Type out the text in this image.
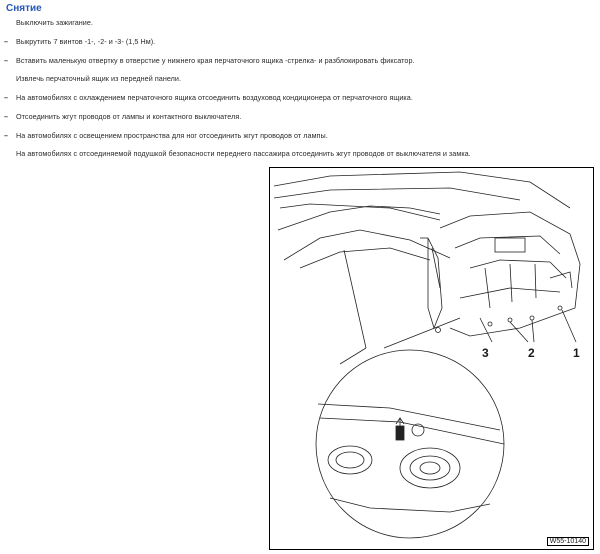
Снятие
Выключить зажигание.
– Выкрутить 7 винтов -1-, -2- и -3- (1,5 Нм).
– Вставить маленькую отвертку в отверстие у нижнего края перчаточного ящика -стрелка- и разблокировать фиксатор.
Извлечь перчаточный ящик из передней панели.
– На автомобилях с охлаждением перчаточного ящика отсоединить воздуховод кондиционера от перчаточного ящика.
– Отсоединить жгут проводов от лампы и контактного выключателя.
– На автомобилях с освещением пространства для ног отсоединить жгут проводов от лампы.
На автомобилях с отсоединяемой подушкой безопасности переднего пассажира отсоединить жгут проводов от выключателя и замка.
3	2	1
W55-10140
